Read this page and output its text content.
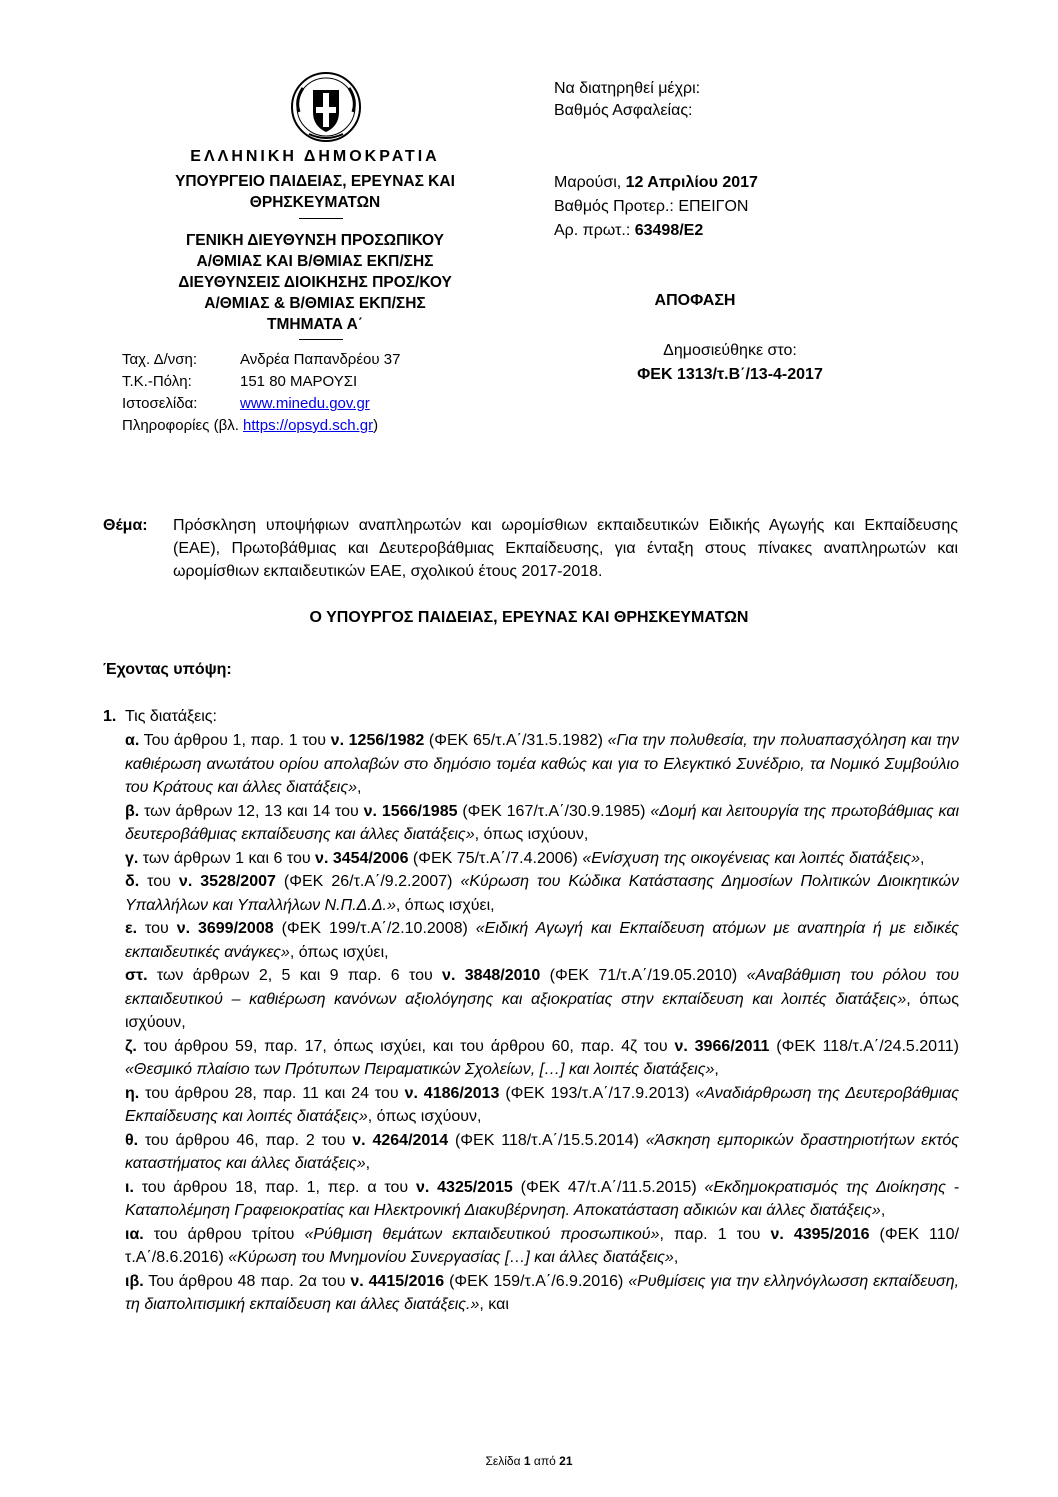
ΕΛΛΗΝΙΚΗ ΔΗΜΟΚΡΑΤΙΑ
ΥΠΟΥΡΓΕΙΟ ΠΑΙΔΕΙΑΣ, ΕΡΕΥΝΑΣ ΚΑΙ
ΘΡΗΣΚΕΥΜΑΤΩΝ
ΓΕΝΙΚΗ ΔΙΕΥΘΥΝΣΗ ΠΡΟΣΩΠΙΚΟΥ
Α/ΘΜΙΑΣ ΚΑΙ Β/ΘΜΙΑΣ ΕΚΠ/ΣΗΣ
ΔΙΕΥΘΥΝΣΕΙΣ ΔΙΟΙΚΗΣΗΣ ΠΡΟΣ/ΚΟΥ
Α/ΘΜΙΑΣ & Β/ΘΜΙΑΣ ΕΚΠ/ΣΗΣ
ΤΜΗΜΑΤΑ Α΄
Ταχ. Δ/νση:	Ανδρέα Παπανδρέου 37
Τ.Κ.-Πόλη:	151 80 ΜΑΡΟΥΣΙ
Ιστοσελίδα:	www.minedu.gov.gr
Πληροφορίες (βλ. https://opsyd.sch.gr)
Να διατηρηθεί μέχρι:
Βαθμός Ασφαλείας:
Μαρούσι, 12 Απριλίου 2017
Βαθμός Προτερ.: ΕΠΕΙΓΟΝ
Αρ. πρωτ.: 63498/Ε2
ΑΠΟΦΑΣΗ
Δημοσιεύθηκε στο:
ΦΕΚ 1313/τ.Β΄/13-4-2017
Θέμα: Πρόσκληση υποψήφιων αναπληρωτών και ωρομίσθιων εκπαιδευτικών Ειδικής Αγωγής και Εκπαίδευσης (ΕΑΕ), Πρωτοβάθμιας και Δευτεροβάθμιας Εκπαίδευσης, για ένταξη στους πίνακες αναπληρωτών και ωρομίσθιων εκπαιδευτικών ΕΑΕ, σχολικού έτους 2017-2018.
Ο ΥΠΟΥΡΓΟΣ ΠΑΙΔΕΙΑΣ, ΕΡΕΥΝΑΣ ΚΑΙ ΘΡΗΣΚΕΥΜΑΤΩΝ
Έχοντας υπόψη:
1. Τις διατάξεις:

α. Του άρθρου 1, παρ. 1 του ν. 1256/1982 (ΦΕΚ 65/τ.Α΄/31.5.1982) «Για την πολυθεσία, την πολυαπασχόληση και την καθιέρωση ανωτάτου ορίου απολαβών στο δημόσιο τομέα καθώς και για το Ελεγκτικό Συνέδριο, τα Νομικό Συμβούλιο του Κράτους και άλλες διατάξεις»,

β. των άρθρων 12, 13 και 14 του ν. 1566/1985 (ΦΕΚ 167/τ.Α΄/30.9.1985) «Δομή και λειτουργία της πρωτοβάθμιας και δευτεροβάθμιας εκπαίδευσης και άλλες διατάξεις», όπως ισχύουν,

γ. των άρθρων 1 και 6 του ν. 3454/2006 (ΦΕΚ 75/τ.Α΄/7.4.2006) «Ενίσχυση της οικογένειας και λοιπές διατάξεις»,

δ. του ν. 3528/2007 (ΦΕΚ 26/τ.Α΄/9.2.2007) «Κύρωση του Κώδικα Κατάστασης Δημοσίων Πολιτικών Διοικητικών Υπαλλήλων και Υπαλλήλων Ν.Π.Δ.Δ.», όπως ισχύει,

ε. του ν. 3699/2008 (ΦΕΚ 199/τ.Α΄/2.10.2008) «Ειδική Αγωγή και Εκπαίδευση ατόμων με αναπηρία ή με ειδικές εκπαιδευτικές ανάγκες», όπως ισχύει,

στ. των άρθρων 2, 5 και 9 παρ. 6 του ν. 3848/2010 (ΦΕΚ 71/τ.Α΄/19.05.2010) «Αναβάθμιση του ρόλου του εκπαιδευτικού – καθιέρωση κανόνων αξιολόγησης και αξιοκρατίας στην εκπαίδευση και λοιπές διατάξεις», όπως ισχύουν,

ζ. του άρθρου 59, παρ. 17, όπως ισχύει, και του άρθρου 60, παρ. 4ζ του ν. 3966/2011 (ΦΕΚ 118/τ.Α΄/24.5.2011) «Θεσμικό πλαίσιο των Πρότυπων Πειραματικών Σχολείων, […] και λοιπές διατάξεις»,

η. του άρθρου 28, παρ. 11 και 24 του ν. 4186/2013 (ΦΕΚ 193/τ.Α΄/17.9.2013) «Αναδιάρθρωση της Δευτεροβάθμιας Εκπαίδευσης και λοιπές διατάξεις», όπως ισχύουν,

θ. του άρθρου 46, παρ. 2 του ν. 4264/2014 (ΦΕΚ 118/τ.Α΄/15.5.2014) «Άσκηση εμπορικών δραστηριοτήτων εκτός καταστήματος και άλλες διατάξεις»,

ι. του άρθρου 18, παρ. 1, περ. α του ν. 4325/2015 (ΦΕΚ 47/τ.Α΄/11.5.2015) «Εκδημοκρατισμός της Διοίκησης - Καταπολέμηση Γραφειοκρατίας και Ηλεκτρονική Διακυβέρνηση. Αποκατάσταση αδικιών και άλλες διατάξεις»,

ια. του άρθρου τρίτου «Ρύθμιση θεμάτων εκπαιδευτικού προσωπικού», παρ. 1 του ν. 4395/2016 (ΦΕΚ 110/τ.Α΄/8.6.2016) «Κύρωση του Μνημονίου Συνεργασίας […] και άλλες διατάξεις»,

ιβ. Του άρθρου 48 παρ. 2α του ν. 4415/2016 (ΦΕΚ 159/τ.Α΄/6.9.2016) «Ρυθμίσεις για την ελληνόγλωσση εκπαίδευση, τη διαπολιτισμική εκπαίδευση και άλλες διατάξεις.», και

Σελίδα 1 από 21
